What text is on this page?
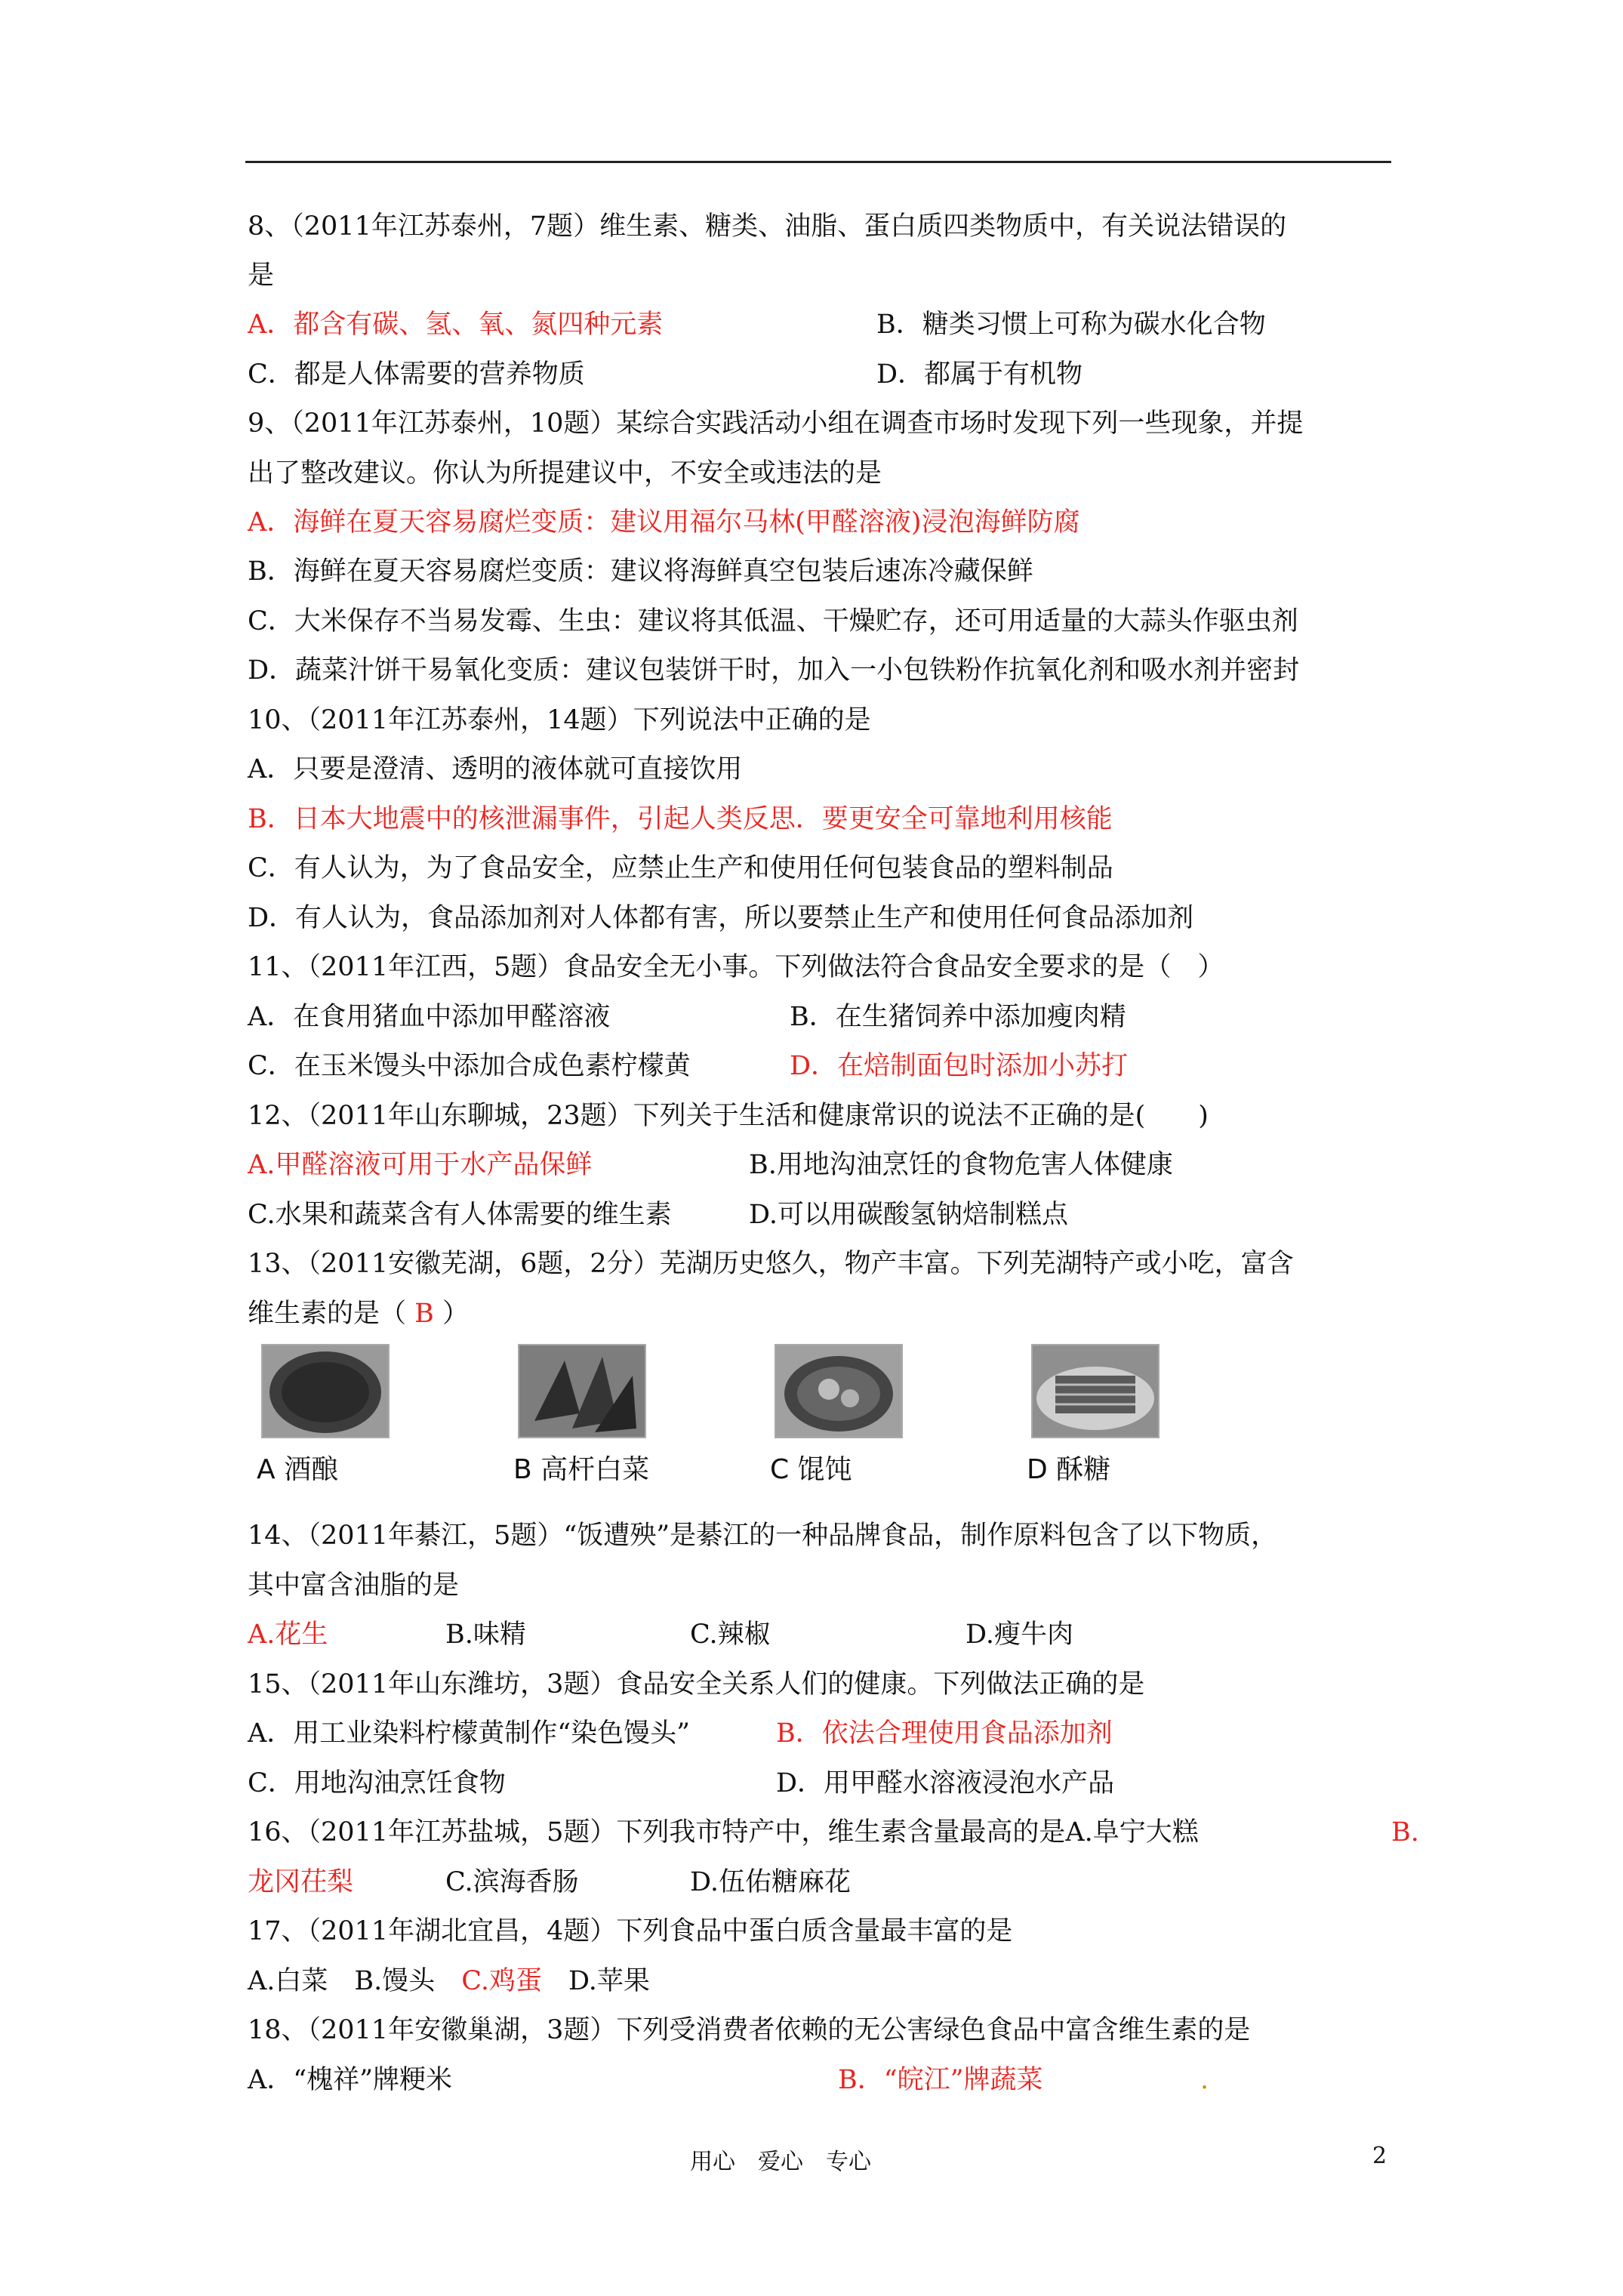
8、（2011年江苏泰州，7题）维生素、糖类、油脂、蛋白质四类物质中，有关说法错误的
是
A．都含有碳、氢、氧、氮四种元素	B．糖类习惯上可称为碳水化合物
C．都是人体需要的营养物质	D．都属于有机物
9、（2011年江苏泰州，10题）某综合实践活动小组在调查市场时发现下列一些现象，并提
出了整改建议。你认为所提建议中，不安全或违法的是
A．海鲜在夏天容易腐烂变质：建议用福尔马林(甲醛溶液)浸泡海鲜防腐
B．海鲜在夏天容易腐烂变质：建议将海鲜真空包装后速冻冷藏保鲜
C．大米保存不当易发霉、生虫：建议将其低温、干燥贮存，还可用适量的大蒜头作驱虫剂
D．蔬菜汁饼干易氧化变质：建议包装饼干时，加入一小包铁粉作抗氧化剂和吸水剂并密封
10、（2011年江苏泰州，14题）下列说法中正确的是
A．只要是澄清、透明的液体就可直接饮用
B．日本大地震中的核泄漏事件，引起人类反思．要更安全可靠地利用核能
C．有人认为，为了食品安全，应禁止生产和使用任何包装食品的塑料制品
D．有人认为，食品添加剂对人体都有害，所以要禁止生产和使用任何食品添加剂
11、（2011年江西，5题）食品安全无小事。下列做法符合食品安全要求的是（　）
A．在食用猪血中添加甲醛溶液	B．在生猪饲养中添加瘦肉精
C．在玉米馒头中添加合成色素柠檬黄	D．在焙制面包时添加小苏打
12、（2011年山东聊城，23题）下列关于生活和健康常识的说法不正确的是(　　)
A.甲醛溶液可用于水产品保鲜	B.用地沟油烹饪的食物危害人体健康
C.水果和蔬菜含有人体需要的维生素	D.可以用碳酸氢钠焙制糕点
13、（2011安徽芜湖，6题，2分）芜湖历史悠久，物产丰富。下列芜湖特产或小吃，富含
维生素的是（ B ）
A 酒酿	B 高杆白菜	C 馄饨	D 酥糖
14、（2011年綦江，5题）“饭遭殃”是綦江的一种品牌食品，制作原料包含了以下物质，
其中富含油脂的是
A.花生	B.味精	C.辣椒	D.瘦牛肉
15、（2011年山东潍坊，3题）食品安全关系人们的健康。下列做法正确的是
A．用工业染料柠檬黄制作“染色馒头”	B．依法合理使用食品添加剂
C．用地沟油烹饪食物	D．用甲醛水溶液浸泡水产品
16、（2011年江苏盐城，5题）下列我市特产中，维生素含量最高的是A.阜宁大糕	B.
龙冈茌梨	C.滨海香肠	D.伍佑糖麻花
17、（2011年湖北宜昌，4题）下列食品中蛋白质含量最丰富的是
A.白菜　 B.馒头　 C.鸡蛋　 D.苹果
18、（2011年安徽巢湖，3题）下列受消费者依赖的无公害绿色食品中富含维生素的是
A．“槐祥”牌粳米	B．“皖江”牌蔬菜	.
用心　爱心　专心	2
